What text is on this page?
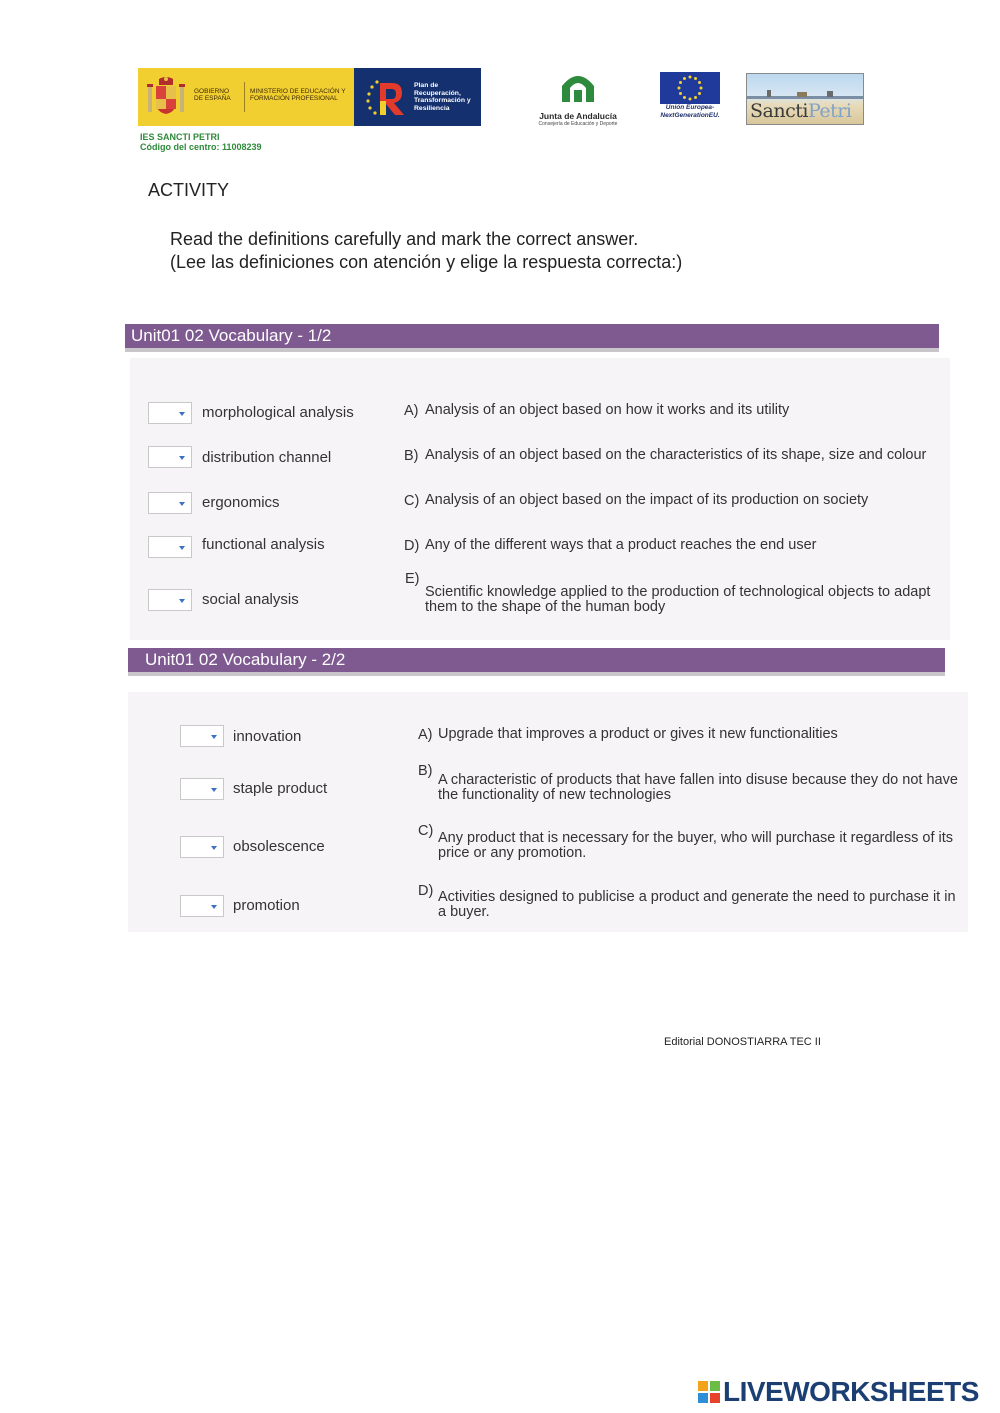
GOBIERNO DE ESPAÑA
MINISTERIO DE EDUCACIÓN Y FORMACIÓN PROFESIONAL
Plan de Recuperación, Transformación y Resiliencia
IES SANCTI PETRI
Código del centro: 11008239
Junta de Andalucía
Consejería de Educación y Deporte
Unión Europea-
NextGenerationEU.	SanctiPetri
ACTIVITY
Read the definitions carefully and mark the correct answer.
(Lee las definiciones con atención y elige la respuesta correcta:)
Unit01 02 Vocabulary - 1/2
morphological analysis
distribution channel
ergonomics
functional analysis
social analysis
A) Analysis of an object based on how it works and its utility
B) Analysis of an object based on the characteristics of its shape, size and colour
C) Analysis of an object based on the impact of its production on society
D) Any of the different ways that a product reaches the end user
E)
Scientific knowledge applied to the production of technological objects to adapt
them to the shape of the human body
Unit01 02 Vocabulary - 2/2
innovation
staple product
obsolescence
promotion
A) Upgrade that improves a product or gives it new functionalities
B)
A characteristic of products that have fallen into disuse because they do not have
the functionality of new technologies
C) Any product that is necessary for the buyer, who will purchase it regardless of its
price or any promotion.
D) Activities designed to publicise a product and generate the need to purchase it in
a buyer.
Editorial DONOSTIARRA TEC II
LIVEWORKSHEETS
